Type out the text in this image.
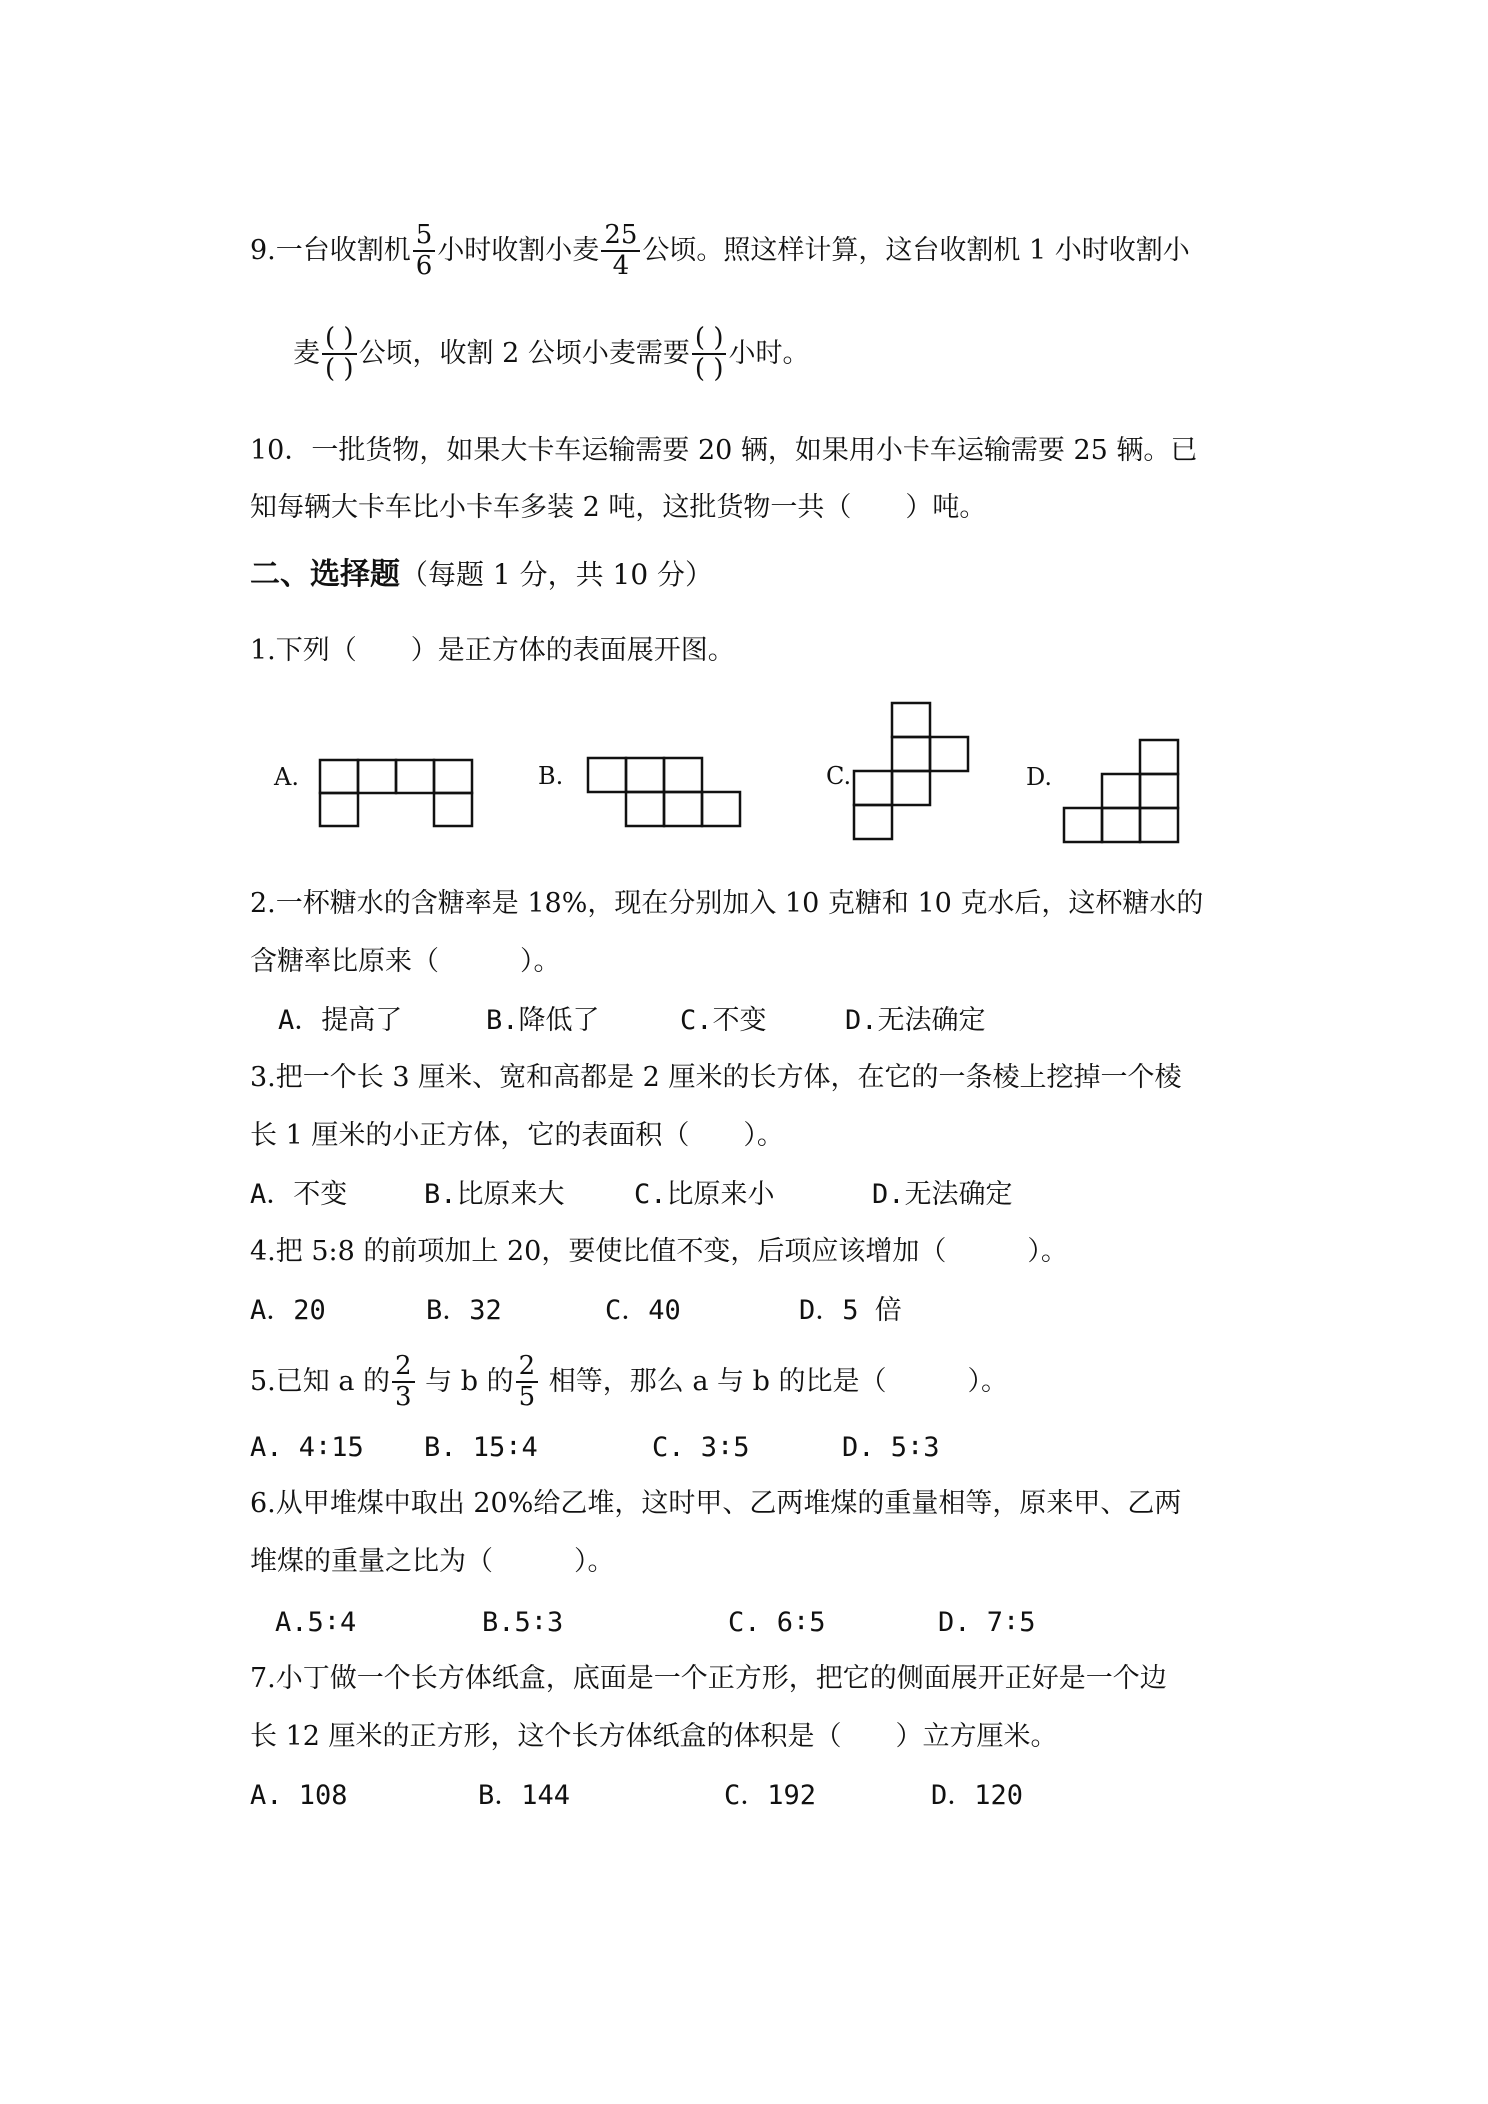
9.一台收割机 $\frac{5}{6}$ 小时收割小麦 $\frac{25}{4}$ 公顷。照这样计算，这台收割机 1 小时收割小
麦 $\frac{( )}{( )}$ 公顷，收割 2 公顷小麦需要 $\frac{( )}{( )}$ 小时。
10．一批货物，如果大卡车运输需要 20 辆，如果用小卡车运输需要 25 辆。已
知每辆大卡车比小卡车多装 2 吨，这批货物一共（　　）吨。
二、选择题（每题 1 分，共 10 分）
1.下列（　　）是正方体的表面展开图。
A.	B.	C.	D.
2.一杯糖水的含糖率是 18%，现在分别加入 10 克糖和 10 克水后，这杯糖水的
含糖率比原来（　　　）。
A．提高了	B.降低了	C.不变	D.无法确定
3.把一个长 3 厘米、宽和高都是 2 厘米的长方体，在它的一条棱上挖掉一个棱
长 1 厘米的小正方体，它的表面积（　　）。
A．不变	B.比原来大	C.比原来小	D.无法确定
4.把 5:8 的前项加上 20，要使比值不变，后项应该增加（　　　）。
A．20	B．32	C．40	D．5 倍
5.已知 a 的 $\frac{2}{3}$ 与 b 的 $\frac{2}{5}$ 相等，那么 a 与 b 的比是（　　　）。
A. 4∶15 B. 15∶4	C. 3∶5	D. 5∶3
6.从甲堆煤中取出 20%给乙堆，这时甲、乙两堆煤的重量相等，原来甲、乙两
堆煤的重量之比为（　　　）。
A.5∶4	B.5∶3	C. 6∶5	D. 7∶5
7.小丁做一个长方体纸盒，底面是一个正方形，把它的侧面展开正好是一个边
长 12 厘米的正方形，这个长方体纸盒的体积是（　　）立方厘米。
A. 108	B．144	C．192	D．120
